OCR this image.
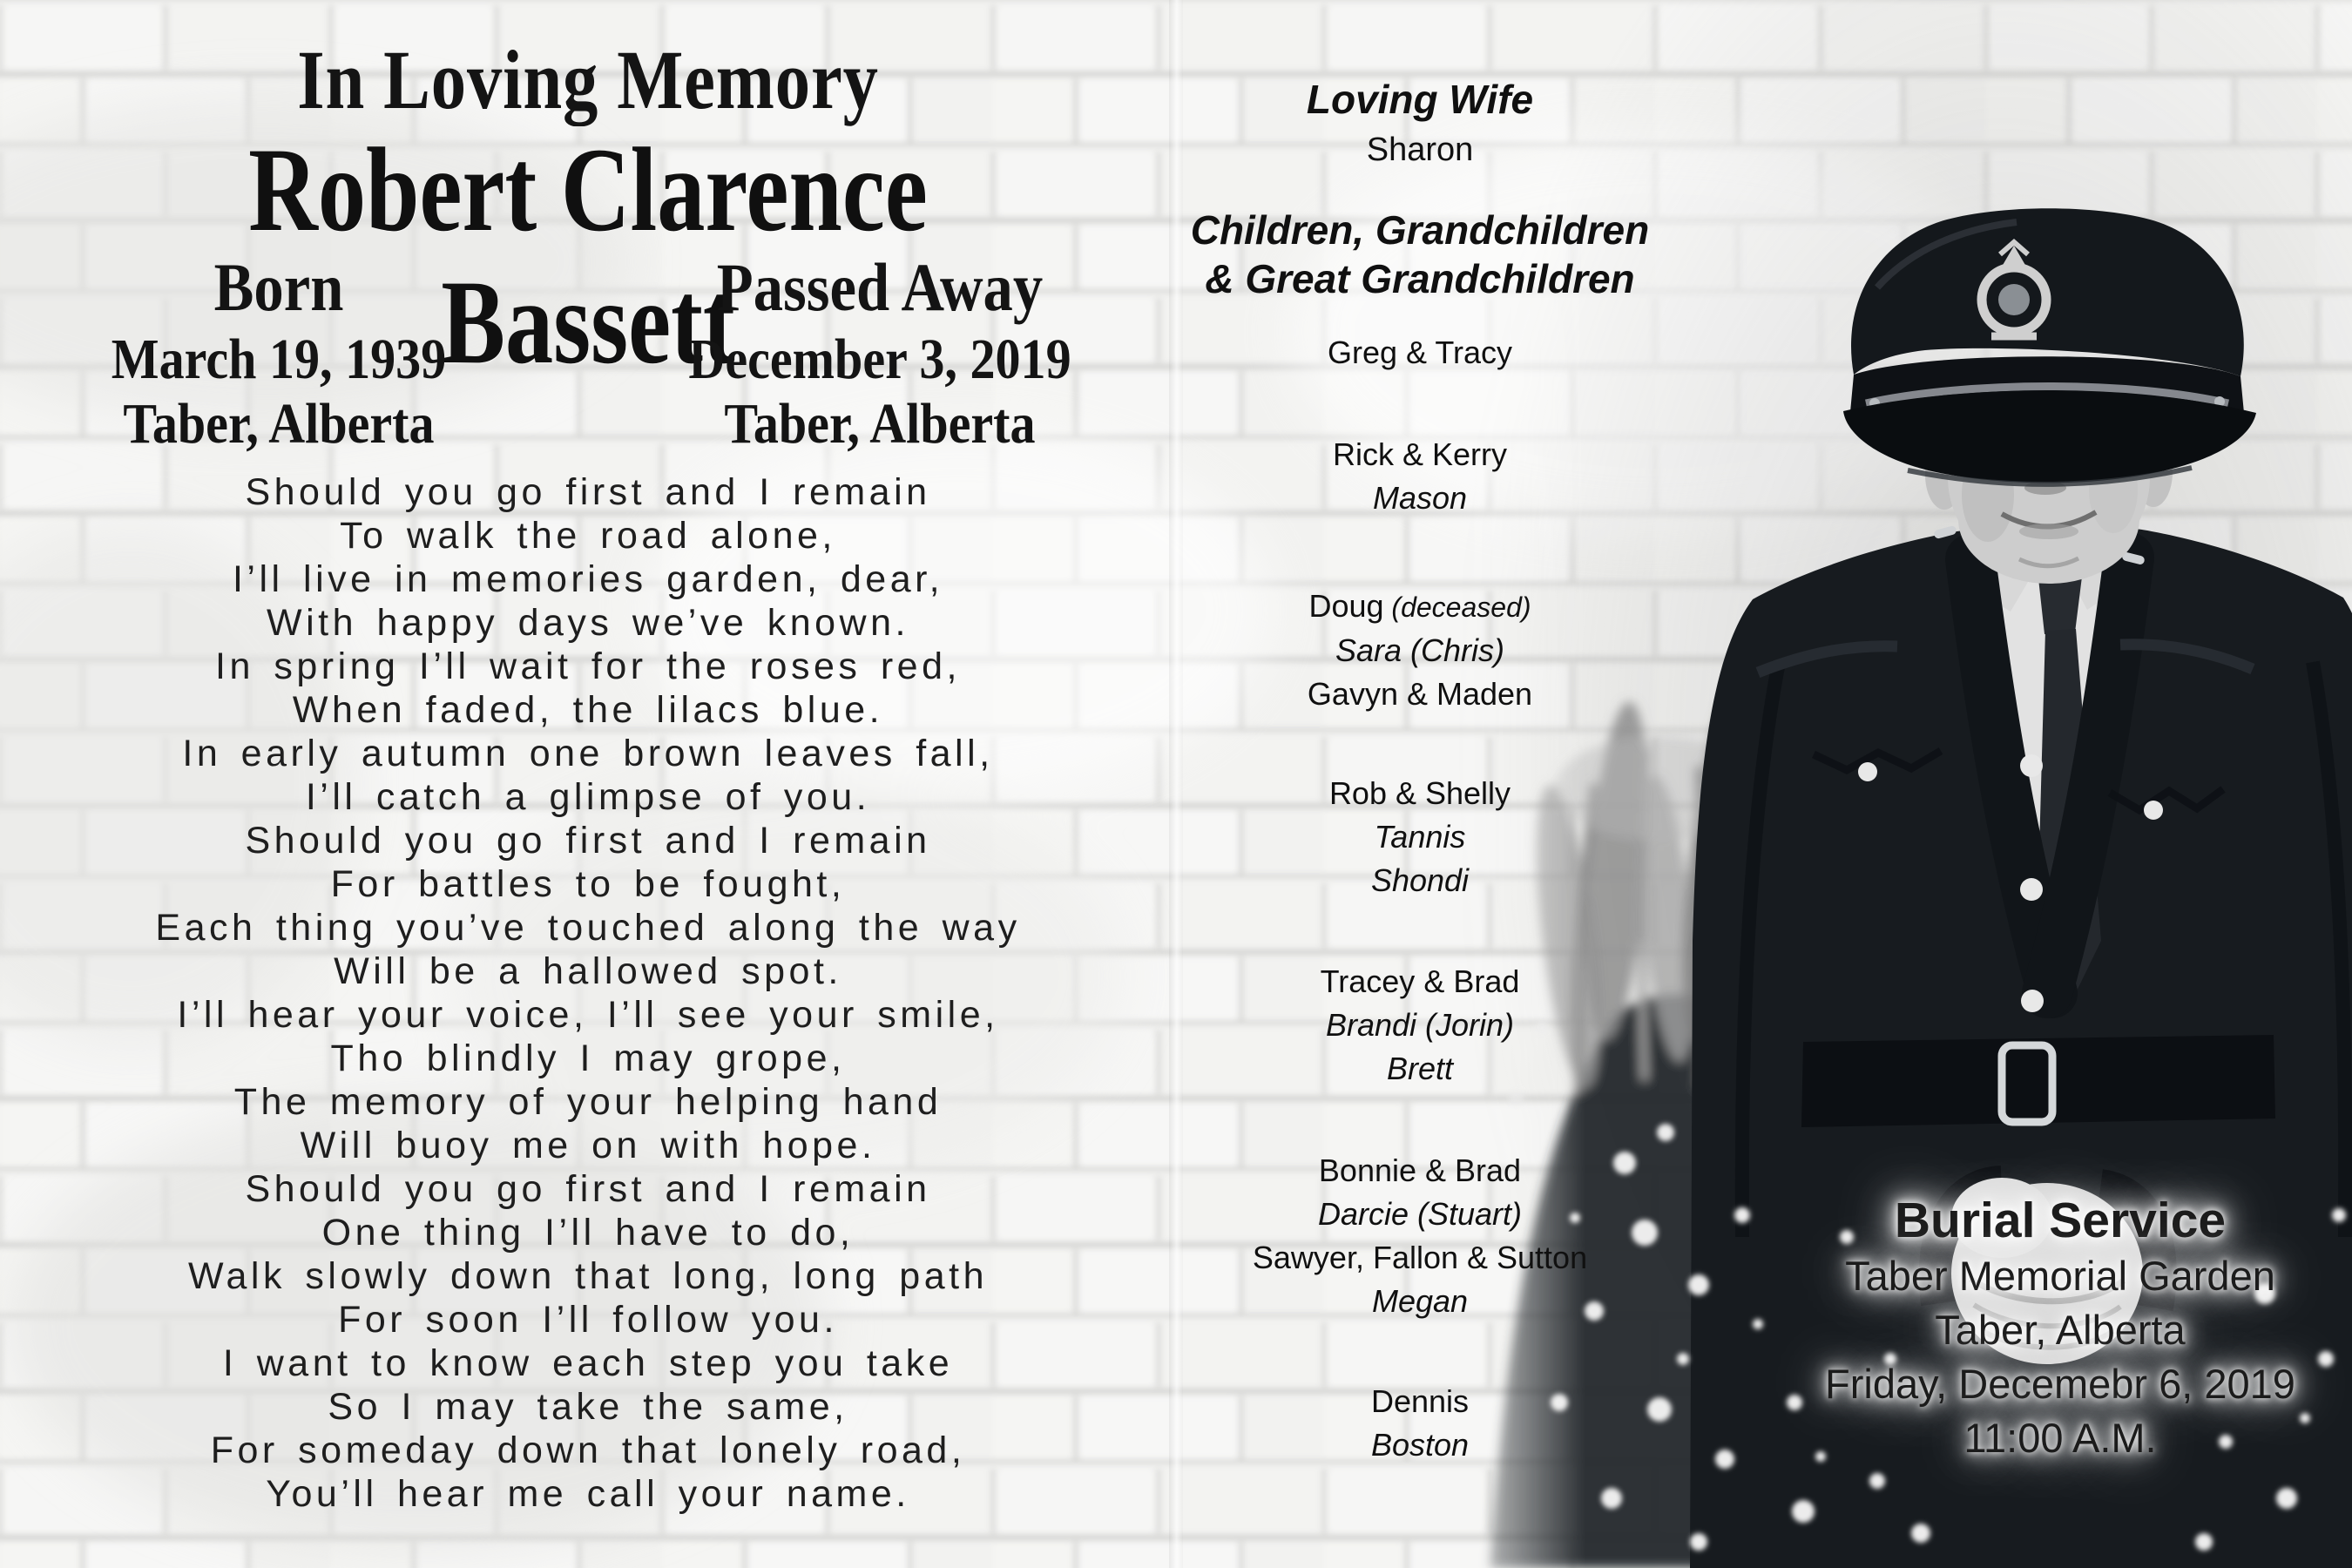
In Loving Memory
Robert Clarence Bassett
Born
March 19, 1939
Taber, Alberta
Passed Away
December 3, 2019
Taber, Alberta
Should you go first and I remain
To walk the road alone,
I’ll live in memories garden, dear,
With happy days we’ve known.
In spring I’ll wait for the roses red,
When faded, the lilacs blue.
In early autumn one brown leaves fall,
I’ll catch a glimpse of you.
Should you go first and I remain
For battles to be fought,
Each thing you’ve touched along the way
Will be a hallowed spot.
I’ll hear your voice, I’ll see your smile,
Tho blindly I may grope,
The memory of your helping hand
Will buoy me on with hope.
Should you go first and I remain
One thing I’ll have to do,
Walk slowly down that long, long path
For soon I’ll follow you.
I want to know each step you take
So I may take the same,
For someday down that lonely road,
You’ll hear me call your name.
Loving Wife
Sharon
Children, Grandchildren
& Great Grandchildren
Greg & Tracy
Rick & Kerry
Mason
Doug (deceased)
Sara (Chris)
Gavyn & Maden
Rob & Shelly
Tannis
Shondi
Tracey & Brad
Brandi (Jorin)
Brett
Bonnie & Brad
Darcie (Stuart)
Sawyer, Fallon & Sutton
Megan
Dennis
Boston
Burial Service
Taber Memorial Garden
Taber, Alberta
Friday, Decemebr 6, 2019
11:00 A.M.
